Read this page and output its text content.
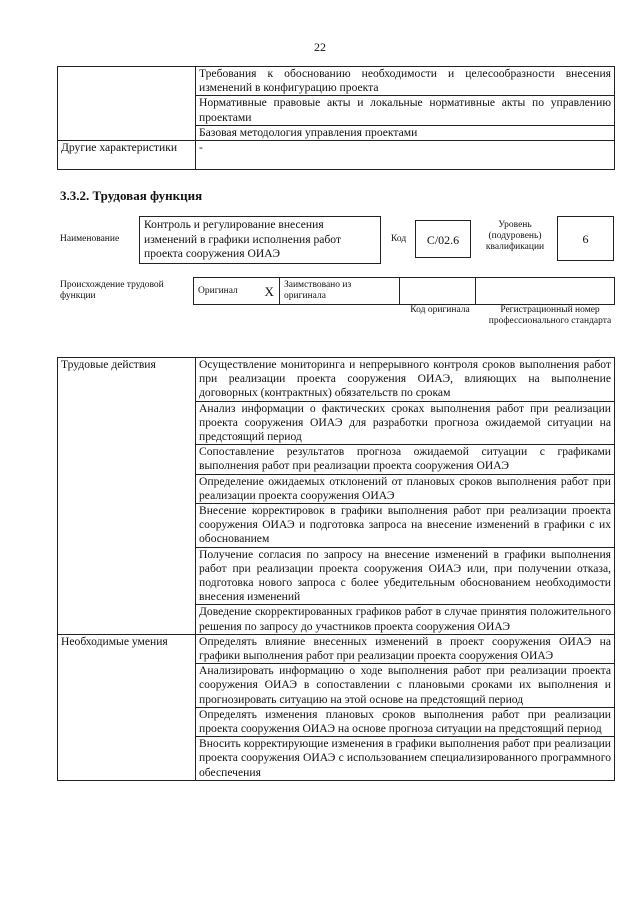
22
	Требования к обоснованию необходимости и целесообразности внесения изменений в конфигурацию проекта
	Нормативные правовые акты и локальные нормативные акты по управлению проектами
	Базовая методология управления проектами
Другие характеристики	-
3.3.2. Трудовая функция
Наименование
Контроль и регулирование внесения изменений в графики исполнения работ проекта сооружения ОИАЭ
Код	С/02.6
Уровень (подуровень) квалификации
6
Происхождение трудовой функции
Оригинал	X	Заимствовано из оригинала		
Код оригинала	Регистрационный номер профессионального стандарта
Трудовые действия	Осуществление мониторинга и непрерывного контроля сроков выполнения работ при реализации проекта сооружения ОИАЭ, влияющих на выполнение договорных (контрактных) обязательств по срокам
	Анализ информации о фактических сроках выполнения работ при реализации проекта сооружения ОИАЭ для разработки прогноза ожидаемой ситуации на предстоящий период
	Сопоставление результатов прогноза ожидаемой ситуации с графиками выполнения работ при реализации проекта сооружения ОИАЭ
	Определение ожидаемых отклонений от плановых сроков выполнения работ при реализации проекта сооружения ОИАЭ
	Внесение корректировок в графики выполнения работ при реализации проекта сооружения ОИАЭ и подготовка запроса на внесение изменений в графики с их обоснованием
	Получение согласия по запросу на внесение изменений в графики выполнения работ при реализации проекта сооружения ОИАЭ или, при получении отказа, подготовка нового запроса с более убедительным обоснованием необходимости внесения изменений
	Доведение скорректированных графиков работ в случае принятия положительного решения по запросу до участников проекта сооружения ОИАЭ
Необходимые умения	Определять влияние внесенных изменений в проект сооружения ОИАЭ на графики выполнения работ при реализации проекта сооружения ОИАЭ
	Анализировать информацию о ходе выполнения работ при реализации проекта сооружения ОИАЭ в сопоставлении с плановыми сроками их выполнения и прогнозировать ситуацию на этой основе на предстоящий период
	Определять изменения плановых сроков выполнения работ при реализации проекта сооружения ОИАЭ на основе прогноза ситуации на предстоящий период
	Вносить корректирующие изменения в графики выполнения работ при реализации проекта сооружения ОИАЭ с использованием специализированного программного обеспечения
